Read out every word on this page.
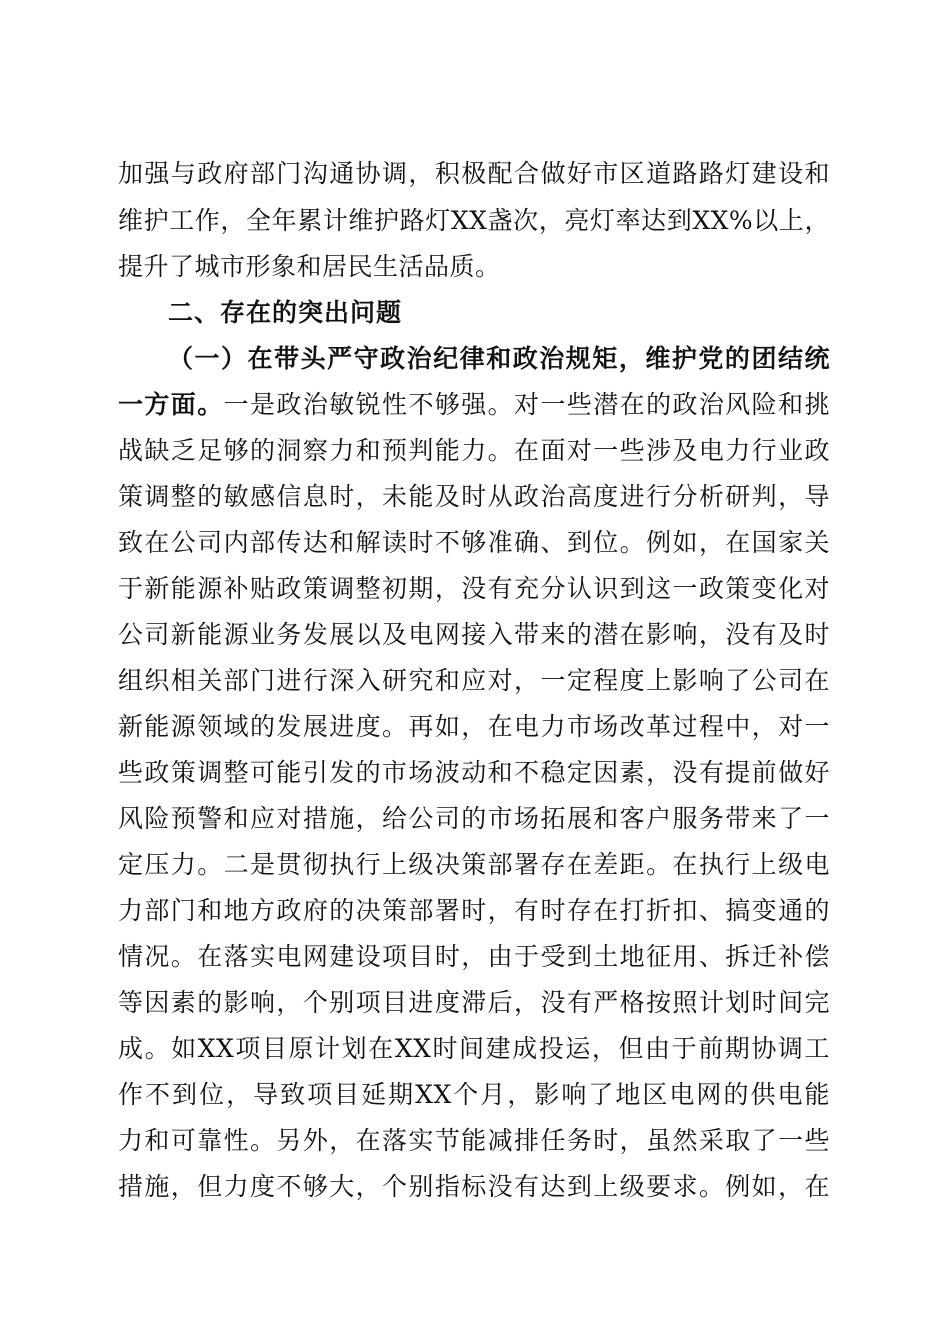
加强与政府部门沟通协调，积极配合做好市区道路路灯建设和
维护工作，全年累计维护路灯XX盏次，亮灯率达到XX%以上，
提升了城市形象和居民生活品质。
二、存在的突出问题
（一）在带头严守政治纪律和政治规矩，维护党的团结统
一方面。一是政治敏锐性不够强。对一些潜在的政治风险和挑
战缺乏足够的洞察力和预判能力。在面对一些涉及电力行业政
策调整的敏感信息时，未能及时从政治高度进行分析研判，导
致在公司内部传达和解读时不够准确、到位。例如，在国家关
于新能源补贴政策调整初期，没有充分认识到这一政策变化对
公司新能源业务发展以及电网接入带来的潜在影响，没有及时
组织相关部门进行深入研究和应对，一定程度上影响了公司在
新能源领域的发展进度。再如，在电力市场改革过程中，对一
些政策调整可能引发的市场波动和不稳定因素，没有提前做好
风险预警和应对措施，给公司的市场拓展和客户服务带来了一
定压力。二是贯彻执行上级决策部署存在差距。在执行上级电
力部门和地方政府的决策部署时，有时存在打折扣、搞变通的
情况。在落实电网建设项目时，由于受到土地征用、拆迁补偿
等因素的影响，个别项目进度滞后，没有严格按照计划时间完
成。如XX项目原计划在XX时间建成投运，但由于前期协调工
作不到位，导致项目延期XX个月，影响了地区电网的供电能
力和可靠性。另外，在落实节能减排任务时，虽然采取了一些
措施，但力度不够大，个别指标没有达到上级要求。例如，在
